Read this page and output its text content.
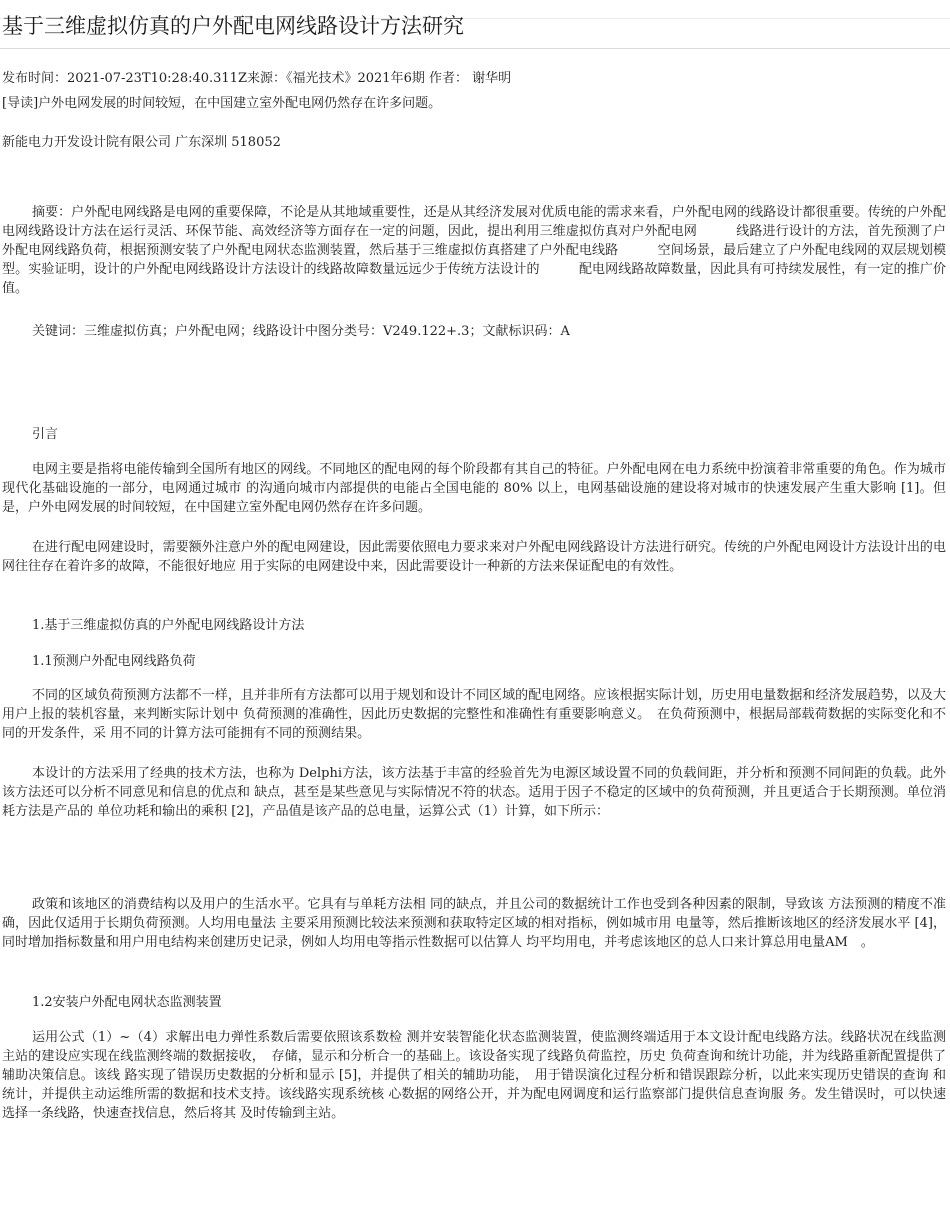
基于三维虚拟仿真的户外配电网线路设计方法研究
发布时间：2021-07-23T10:28:40.311Z来源：《福光技术》2021年6期 作者： 谢华明
[导读]户外电网发展的时间较短，在中国建立室外配电网仍然存在许多问题。
新能电力开发设计院有限公司 广东深圳 518052
摘要：户外配电网线路是电网的重要保障，不论是从其地域重要性，还是从其经济发展对优质电能的需求来看，户外配电网的线路设计都很重要。传统的户外配电网线路设计方法在运行灵活、环保节能、高效经济等方面存在一定的问题，因此，提出利用三维虚拟仿真对户外配电网　　　线路进行设计的方法，首先预测了户外配电网线路负荷，根据预测安装了户外配电网状态监测装置，然后基于三维虚拟仿真搭建了户外配电线路　　　空间场景，最后建立了户外配电线网的双层规划模型。实验证明，设计的户外配电网线路设计方法设计的线路故障数量远远少于传统方法设计的　　　配电网线路故障数量，因此具有可持续发展性，有一定的推广价值。
关键词：三维虚拟仿真；户外配电网；线路设计中图分类号：V249.122+.3；文献标识码：A
引言
电网主要是指将电能传输到全国所有地区的网线。不同地区的配电网的每个阶段都有其自己的特征。户外配电网在电力系统中扮演着非常重要的角色。作为城市现代化基础设施的一部分，电网通过城市 的沟通向城市内部提供的电能占全国电能的 80% 以上，电网基础设施的建设将对城市的快速发展产生重大影响 [1]。但是，户外电网发展的时间较短，在中国建立室外配电网仍然存在许多问题。
在进行配电网建设时，需要额外注意户外的配电网建设，因此需要依照电力要求来对户外配电网线路设计方法进行研究。传统的户外配电网设计方法设计出的电网往往存在着许多的故障，不能很好地应 用于实际的电网建设中来，因此需要设计一种新的方法来保证配电的有效性。
1.基于三维虚拟仿真的户外配电网线路设计方法
1.1预测户外配电网线路负荷
不同的区域负荷预测方法都不一样，且并非所有方法都可以用于规划和设计不同区域的配电网络。应该根据实际计划，历史用电量数据和经济发展趋势，以及大用户上报的装机容量，来判断实际计划中 负荷预测的准确性，因此历史数据的完整性和准确性有重要影响意义。　在负荷预测中，根据局部载荷数据的实际变化和不同的开发条件，采 用不同的计算方法可能拥有不同的预测结果。
本设计的方法采用了经典的技术方法，也称为 Delphi方法，该方法基于丰富的经验首先为电源区域设置不同的负载间距，并分析和预测不同间距的负载。此外该方法还可以分析不同意见和信息的优点和 缺点，甚至是某些意见与实际情况不符的状态。适用于因子不稳定的区域中的负荷预测，并且更适合于长期预测。单位消耗方法是产品的 单位功耗和输出的乘积 [2]，产品值是该产品的总电量，运算公式（1）计算，如下所示：
政策和该地区的消费结构以及用户的生活水平。它具有与单耗方法相 同的缺点，并且公司的数据统计工作也受到各种因素的限制，导致该 方法预测的精度不准确，因此仅适用于长期负荷预测。人均用电量法 主要采用预测比较法来预测和获取特定区域的相对指标，例如城市用 电量等，然后推断该地区的经济发展水平 [4]，同时增加指标数量和用户用电结构来创建历史记录，例如人均用电等指示性数据可以估算人 均平均用电，并考虑该地区的总人口来计算总用电量AM　。
1.2安装户外配电网状态监测装置
运用公式（1）~（4）求解出电力弹性系数后需要依照该系数检 测并安装智能化状态监测装置，使监测终端适用于本文设计配电线路方法。线路状况在线监测主站的建设应实现在线监测终端的数据接收，　存储，显示和分析合一的基础上。该设备实现了线路负荷监控，历史 负荷查询和统计功能，并为线路重新配置提供了辅助决策信息。该线 路实现了错误历史数据的分析和显示 [5]，并提供了相关的辅助功能，　用于错误演化过程分析和错误跟踪分析，以此来实现历史错误的查询 和统计，并提供主动运维所需的数据和技术支持。该线路实现系统核 心数据的网络公开，并为配电网调度和运行监察部门提供信息查询服 务。发生错误时，可以快速选择一条线路，快速查找信息，然后将其 及时传输到主站。
